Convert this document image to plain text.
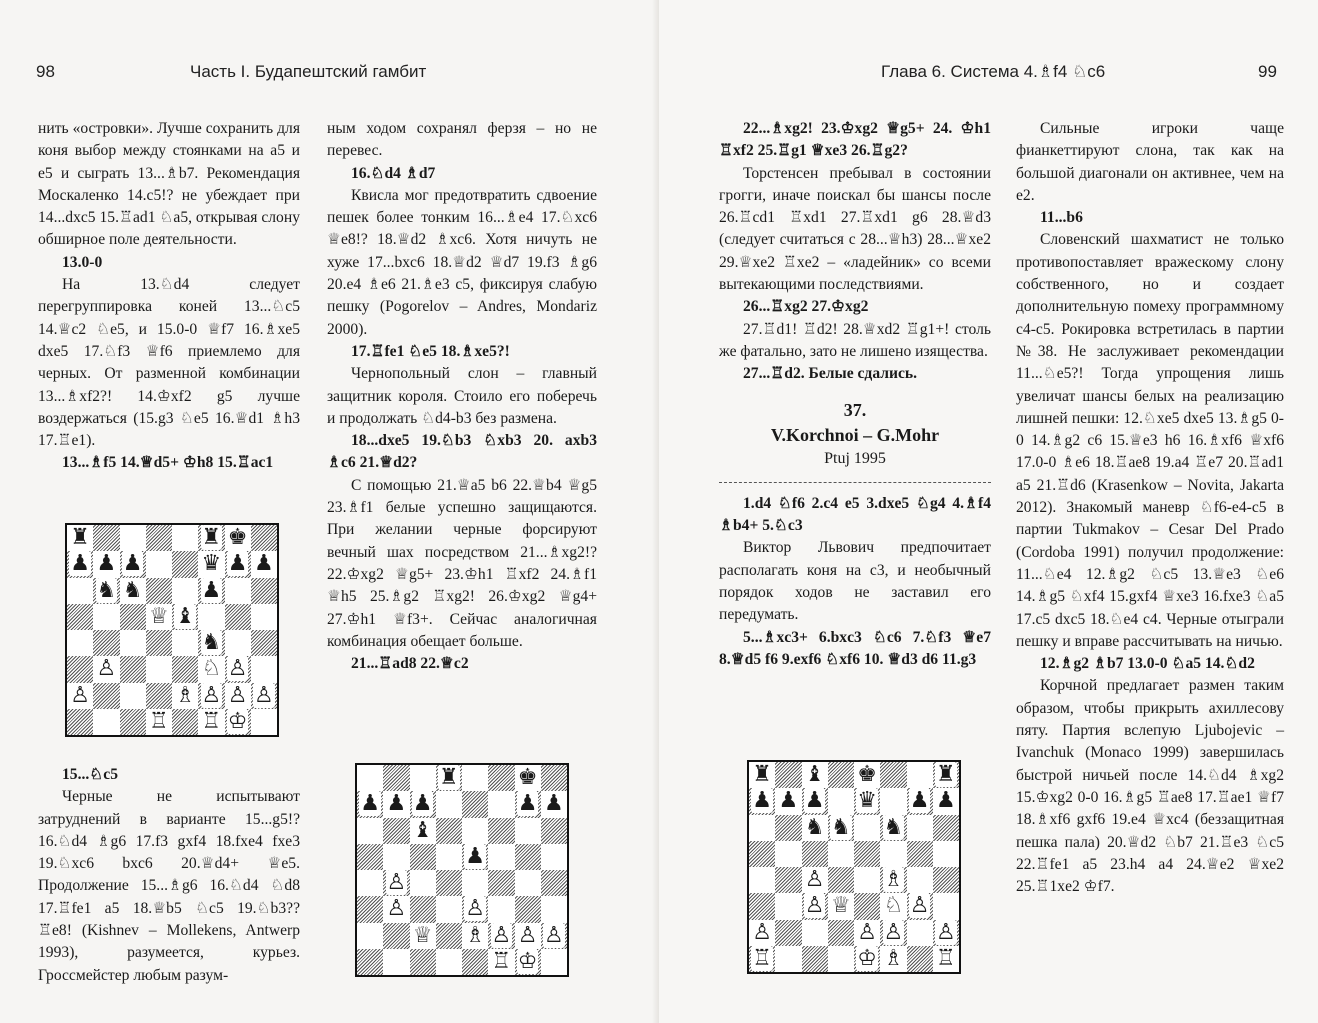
98	Часть I. Будапештский гамбит

нить «островки». Лучше сохранить для коня выбор между стоянками на а5 и е5 и сыграть 13...♗b7. Рекомендация Москаленко 14.с5!? не убеждает при 14...dxc5 15.♖ad1 ♘a5, открывая слону обширное поле деятельности.

13.0-0

На 13.♘d4 следует перегруппировка коней 13...♘c5 14.♕c2 ♘e5, и 15.0-0 ♕f7 16.♗xe5 dxe5 17.♘f3 ♕f6 приемлемо для черных. От разменной комбинации 13...♗xf2?! 14.♔xf2 g5 лучше воздержаться (15.g3 ♘e5 16.♕d1 ♗h3 17.♖e1).

13...♗f5 14.♕d5+ ♔h8 15.♖ac1

♜	♜ ♚
♟ ♟ ♟	♛ ♟ ♟
♞ ♞	♟
♕ ♝
♞
♙	♘ ♙
♙	♗ ♙ ♙ ♙
♖ ♖ ♔

15...♘c5

Черные не испытывают затруднений в варианте 15...g5!? 16.♘d4 ♗g6 17.f3 gxf4 18.fxe4 fxe3 19.♘xc6 bxc6 20.♕d4+ ♕e5. Продолжение 15...♗g6 16.♘d4 ♘d8 17.♖fe1 a5 18.♕b5 ♘c5 19.♘b3?? ♖e8! (Kishnev – Mollekens, Antwerp 1993), разумеется, курьез. Гроссмейстер любым разум-

ным ходом сохранял ферзя – но не перевес.

16.♘d4 ♗d7

Квисла мог предотвратить сдвоение пешек более тонким 16...♗e4 17.♘xc6 ♕e8!? 18.♕d2 ♗xc6. Хотя ничуть не хуже 17...bxc6 18.♕d2 ♕d7 19.f3 ♗g6 20.e4 ♗e6 21.♗e3 c5, фиксируя слабую пешку (Pogorelov – Andres, Mondariz 2000).

17.♖fe1 ♘e5 18.♗xe5?!

Чернопольный слон – главный защитник короля. Стоило его поберечь и продолжать ♘d4-b3 без размена.

18...dxe5 19.♘b3 ♘xb3 20. axb3 ♗c6 21.♕d2?

С помощью 21.♕a5 b6 22.♕b4 ♕g5 23.♗f1 белые успешно защищаются. При желании черные форсируют вечный шах посредством 21...♗xg2!? 22.♔xg2 ♕g5+ 23.♔h1 ♖xf2 24.♗f1 ♕h5 25.♗g2 ♖xg2! 26.♔xg2 ♕g4+ 27.♔h1 ♕f3+. Сейчас аналогичная комбинация обещает больше.

21...♖ad8 22.♕c2

♜	♚
♟ ♟ ♟	♟ ♟
♝
♟
♙
♙	♙
♕ ♗ ♙ ♙ ♙
♖ ♔
Глава 6. Система 4.♗f4 ♘c6	99

22...♗xg2! 23.♔xg2 ♕g5+ 24. ♔h1 ♖xf2 25.♖g1 ♕xe3 26.♖g2?

Торстенсен пребывал в состоянии грогги, иначе поискал бы шансы после 26.♖cd1 ♖xd1 27.♖xd1 g6 28.♕d3 (следует считаться с 28...♕h3) 28...♕xe2 29.♕xe2 ♖xe2 – «ладейник» со всеми вытекающими последствиями.

26...♖xg2 27.♔xg2

27.♖d1! ♖d2! 28.♕xd2 ♖g1+! столь же фатально, зато не лишено изящества.

27...♖d2. Белые сдались.

37.
V.Korchnoi – G.Mohr
Ptuj 1995

1.d4 ♘f6 2.c4 e5 3.dxe5 ♘g4 4.♗f4 ♗b4+ 5.♘c3

Виктор Львович предпочитает располагать коня на с3, и необычный порядок ходов не заставил его передумать.

5...♗xc3+ 6.bxc3 ♘c6 7.♘f3 ♕e7 8.♕d5 f6 9.exf6 ♘xf6 10. ♕d3 d6 11.g3

♜ ♝ ♚	♜
♟ ♟ ♟ ♛ ♟ ♟
♞ ♞ ♞
♙	♗
♙ ♕ ♘ ♙
♙	♙ ♙ ♙
♖	♔ ♗ ♖

Сильные игроки чаще фианкеттируют слона, так как на большой диагонали он активнее, чем на е2.

11...b6

Словенский шахматист не только противопоставляет вражескому слону собственного, но и создает дополнительную помеху программному с4-с5. Рокировка встретилась в партии №38. Не заслуживает рекомендации 11...♘e5?! Тогда упрощения лишь увеличат шансы белых на реализацию лишней пешки: 12.♘xe5 dxe5 13.♗g5 0-0 14.♗g2 c6 15.♕e3 h6 16.♗xf6 ♕xf6 17.0-0 ♗e6 18.♖ae8 19.a4 ♖e7 20.♖ad1 a5 21.♖d6 (Krasenkow – Novita, Jakarta 2012). Знакомый маневр ♘f6-e4-c5 в партии Tukmakov – Cesar Del Prado (Cordoba 1991) получил продолжение: 11...♘e4 12.♗g2 ♘c5 13.♕e3 ♘e6 14.♗g5 ♘xf4 15.gxf4 ♕xe3 16.fxe3 ♘a5 17.c5 dxc5 18.♘e4 c4. Черные отыграли пешку и вправе рассчитывать на ничью.

12.♗g2 ♗b7 13.0-0 ♘a5 14.♘d2

Корчной предлагает размен таким образом, чтобы прикрыть ахиллесову пяту. Партия вслепую Ljubojevic – Ivanchuk (Monaco 1999) завершилась быстрой ничьей после 14.♘d4 ♗xg2 15.♔xg2 0-0 16.♗g5 ♖ae8 17.♖ae1 ♕f7 18.♗xf6 gxf6 19.e4 ♕xc4 (беззащитная пешка пала) 20.♕d2 ♘b7 21.♖e3 ♘c5 22.♖fe1 a5 23.h4 a4 24.♕e2 ♕xe2 25.♖1xe2 ♔f7.
